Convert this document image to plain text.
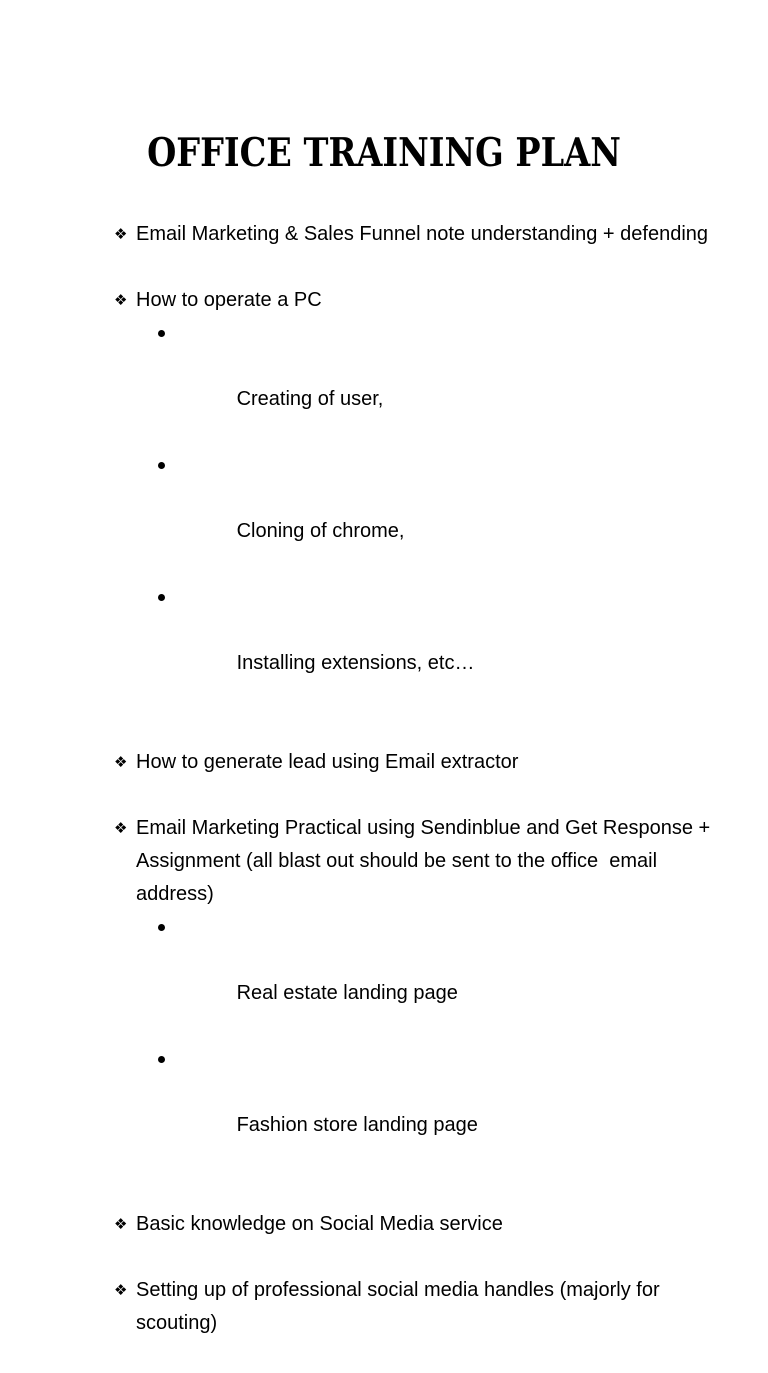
OFFICE TRAINING PLAN
❖ Email Marketing & Sales Funnel note understanding + defending
❖ How to operate a PC

Creating of user,

Cloning of chrome,

Installing extensions, etc…

❖ How to generate lead using Email extractor
❖ Email Marketing Practical using Sendinblue and Get Response + Assignment (all blast out should be sent to the office  email address)

Real estate landing page

Fashion store landing page

❖ Basic knowledge on Social Media service
❖ Setting up of professional social media handles (majorly for scouting)
